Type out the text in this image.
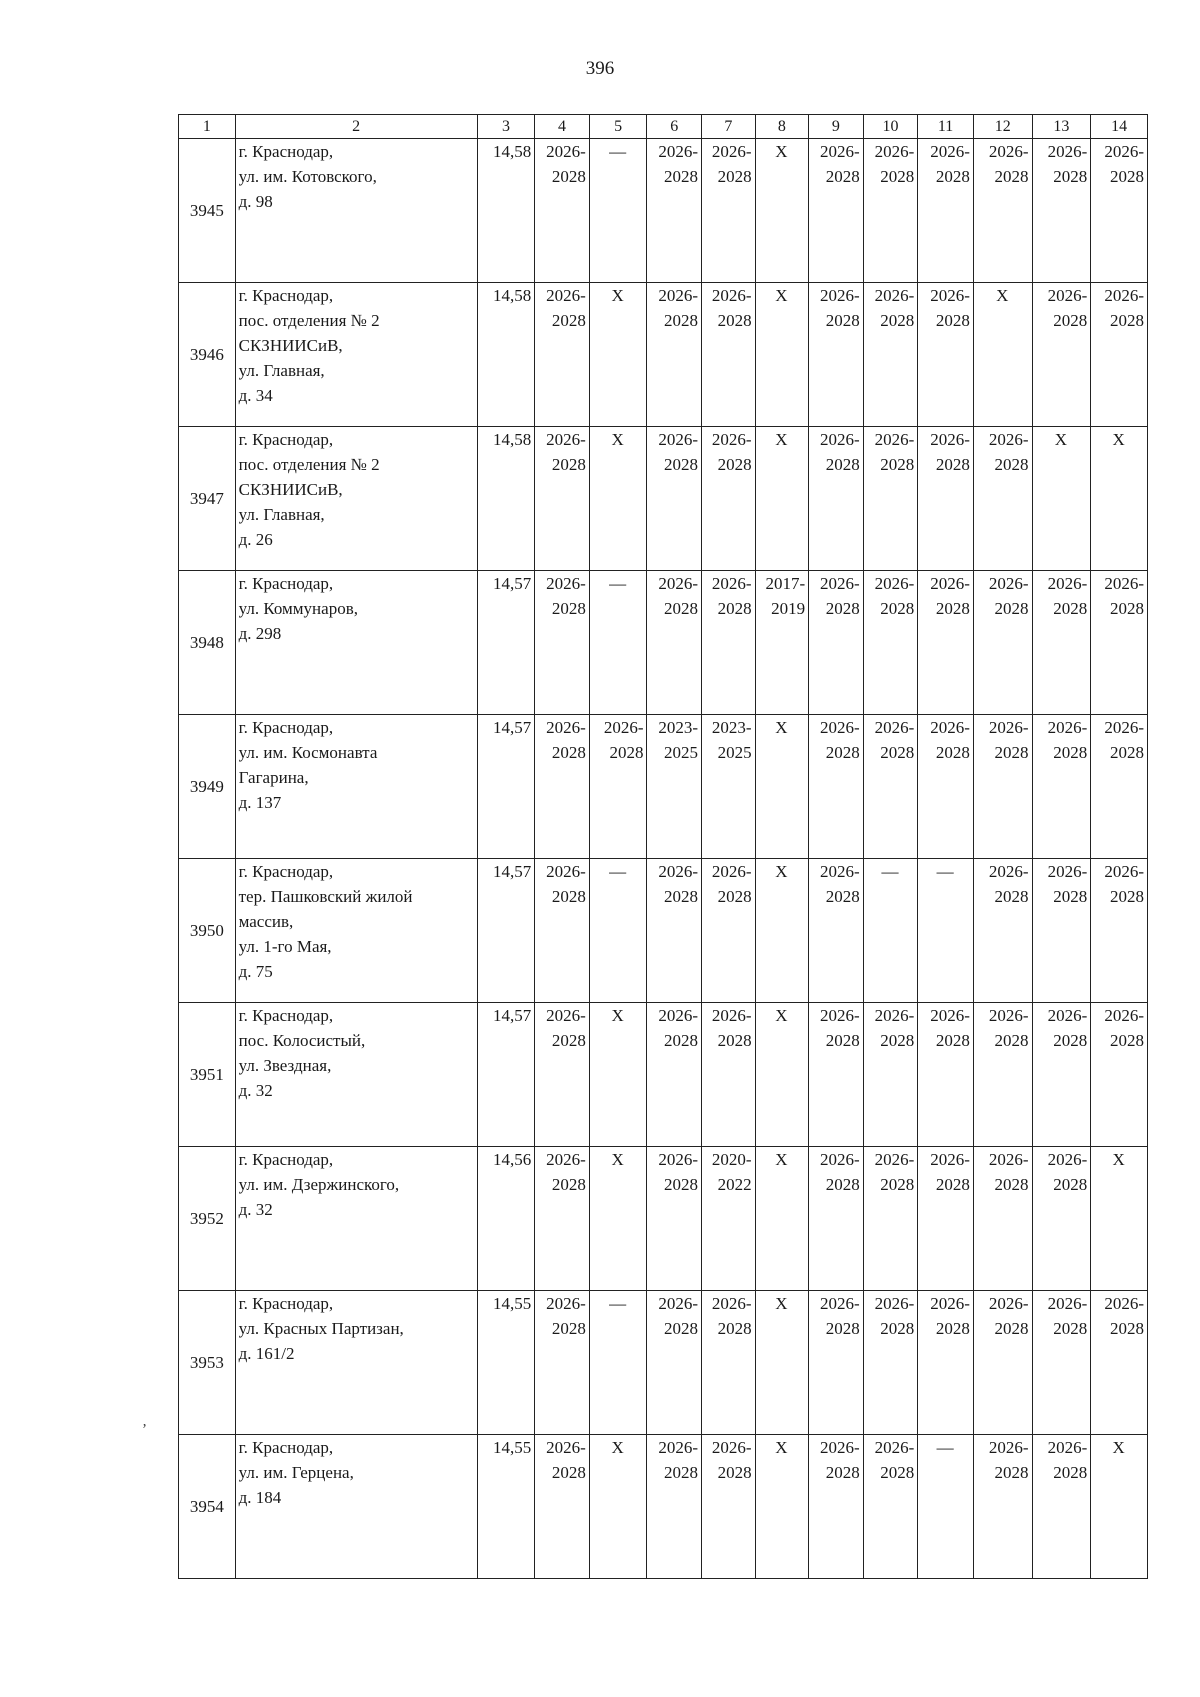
396
1	2	3	4	5	6	7	8	9	10	11	12	13	14
3945	г. Краснодар,
ул. им. Котовского,
д. 98	14,58	2026-
2028	—	2026-
2028	2026-
2028	X	2026-
2028	2026-
2028	2026-
2028	2026-
2028	2026-
2028	2026-
2028
3946	г. Краснодар,
пос. отделения № 2
СКЗНИИСиВ,
ул. Главная,
д. 34	14,58	2026-
2028	X	2026-
2028	2026-
2028	X	2026-
2028	2026-
2028	2026-
2028	X	2026-
2028	2026-
2028
3947	г. Краснодар,
пос. отделения № 2
СКЗНИИСиВ,
ул. Главная,
д. 26	14,58	2026-
2028	X	2026-
2028	2026-
2028	X	2026-
2028	2026-
2028	2026-
2028	2026-
2028	X	X
3948	г. Краснодар,
ул. Коммунаров,
д. 298	14,57	2026-
2028	—	2026-
2028	2026-
2028	2017-
2019	2026-
2028	2026-
2028	2026-
2028	2026-
2028	2026-
2028	2026-
2028
3949	г. Краснодар,
ул. им. Космонавта
Гагарина,
д. 137	14,57	2026-
2028	2026-
2028	2023-
2025	2023-
2025	X	2026-
2028	2026-
2028	2026-
2028	2026-
2028	2026-
2028	2026-
2028
3950	г. Краснодар,
тер. Пашковский жилой
массив,
ул. 1-го Мая,
д. 75	14,57	2026-
2028	—	2026-
2028	2026-
2028	X	2026-
2028	—	—	2026-
2028	2026-
2028	2026-
2028
3951	г. Краснодар,
пос. Колосистый,
ул. Звездная,
д. 32	14,57	2026-
2028	X	2026-
2028	2026-
2028	X	2026-
2028	2026-
2028	2026-
2028	2026-
2028	2026-
2028	2026-
2028
3952	г. Краснодар,
ул. им. Дзержинского,
д. 32	14,56	2026-
2028	X	2026-
2028	2020-
2022	X	2026-
2028	2026-
2028	2026-
2028	2026-
2028	2026-
2028	X
3953	г. Краснодар,
ул. Красных Партизан,
д. 161/2	14,55	2026-
2028	—	2026-
2028	2026-
2028	X	2026-
2028	2026-
2028	2026-
2028	2026-
2028	2026-
2028	2026-
2028
3954	г. Краснодар,
ул. им. Герцена,
д. 184	14,55	2026-
2028	X	2026-
2028	2026-
2028	X	2026-
2028	2026-
2028	—	2026-
2028	2026-
2028	X
ʼ
